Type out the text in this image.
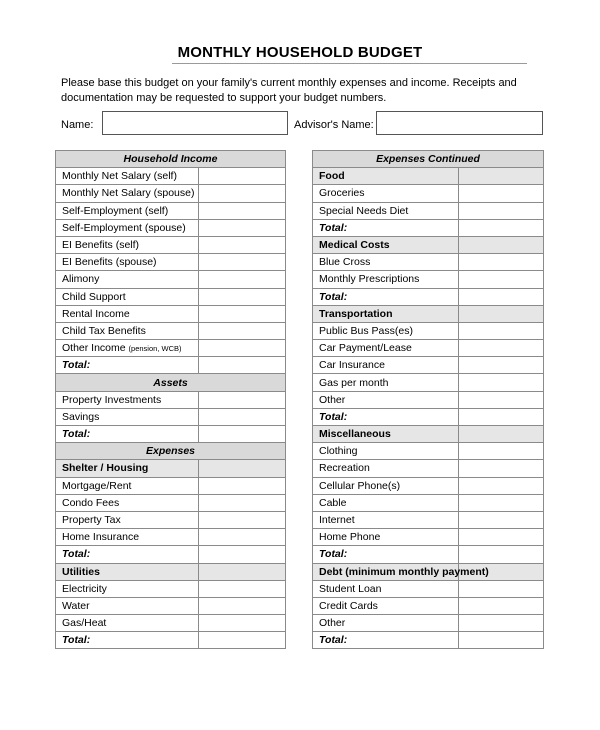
MONTHLY HOUSEHOLD BUDGET
Please base this budget on your family's current monthly expenses and income. Receipts and
documentation may be requested to support your budget numbers.
Name:	Advisor's Name:
Household Income	
Monthly Net Salary (self)	
Monthly Net Salary (spouse)	
Self-Employment (self)	
Self-Employment (spouse)	
EI Benefits (self)	
EI Benefits (spouse)	
Alimony	
Child Support	
Rental Income	
Child Tax Benefits	
Other Income (pension, WCB)	
Total:	
Assets	
Property Investments	
Savings	
Total:	
Expenses	
Shelter / Housing	
Mortgage/Rent	
Condo Fees	
Property Tax	
Home Insurance	
Total:	
Utilities	
Electricity	
Water	
Gas/Heat	
Total:	
Expenses Continued	
Food	
Groceries	
Special Needs Diet	
Total:	
Medical Costs	
Blue Cross	
Monthly Prescriptions	
Total:	
Transportation	
Public Bus Pass(es)	
Car Payment/Lease	
Car Insurance	
Gas per month	
Other	
Total:	
Miscellaneous	
Clothing	
Recreation	
Cellular Phone(s)	
Cable	
Internet	
Home Phone	
Total:	
Debt (minimum monthly payment)	
Student Loan	
Credit Cards	
Other	
Total:	
